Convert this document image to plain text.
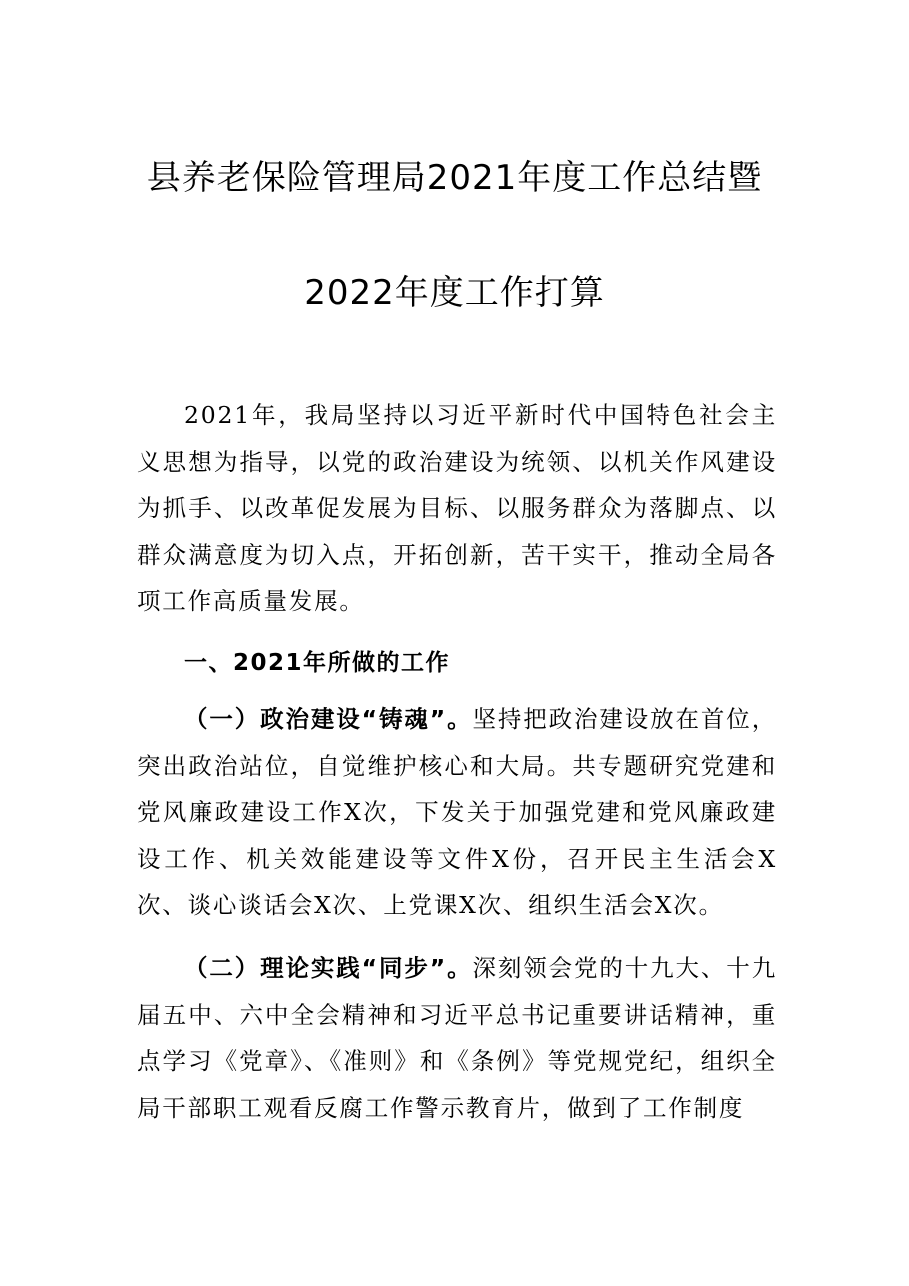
县养老保险管理局2021年度工作总结暨
2022年度工作打算

2021年，我局坚持以习近平新时代中国特色社会主义思想为指导，以党的政治建设为统领、以机关作风建设为抓手、以改革促发展为目标、以服务群众为落脚点、以群众满意度为切入点，开拓创新，苦干实干，推动全局各项工作高质量发展。

一、2021年所做的工作

（一）政治建设“铸魂”。坚持把政治建设放在首位，突出政治站位，自觉维护核心和大局。共专题研究党建和党风廉政建设工作X次，下发关于加强党建和党风廉政建设工作、机关效能建设等文件X份，召开民主生活会X次、谈心谈话会X次、上党课X次、组织生活会X次。

（二）理论实践“同步”。深刻领会党的十九大、十九届五中、六中全会精神和习近平总书记重要讲话精神，重点学习《党章》、《准则》和《条例》等党规党纪，组织全局干部职工观看反腐工作警示教育片，做到了工作制度
